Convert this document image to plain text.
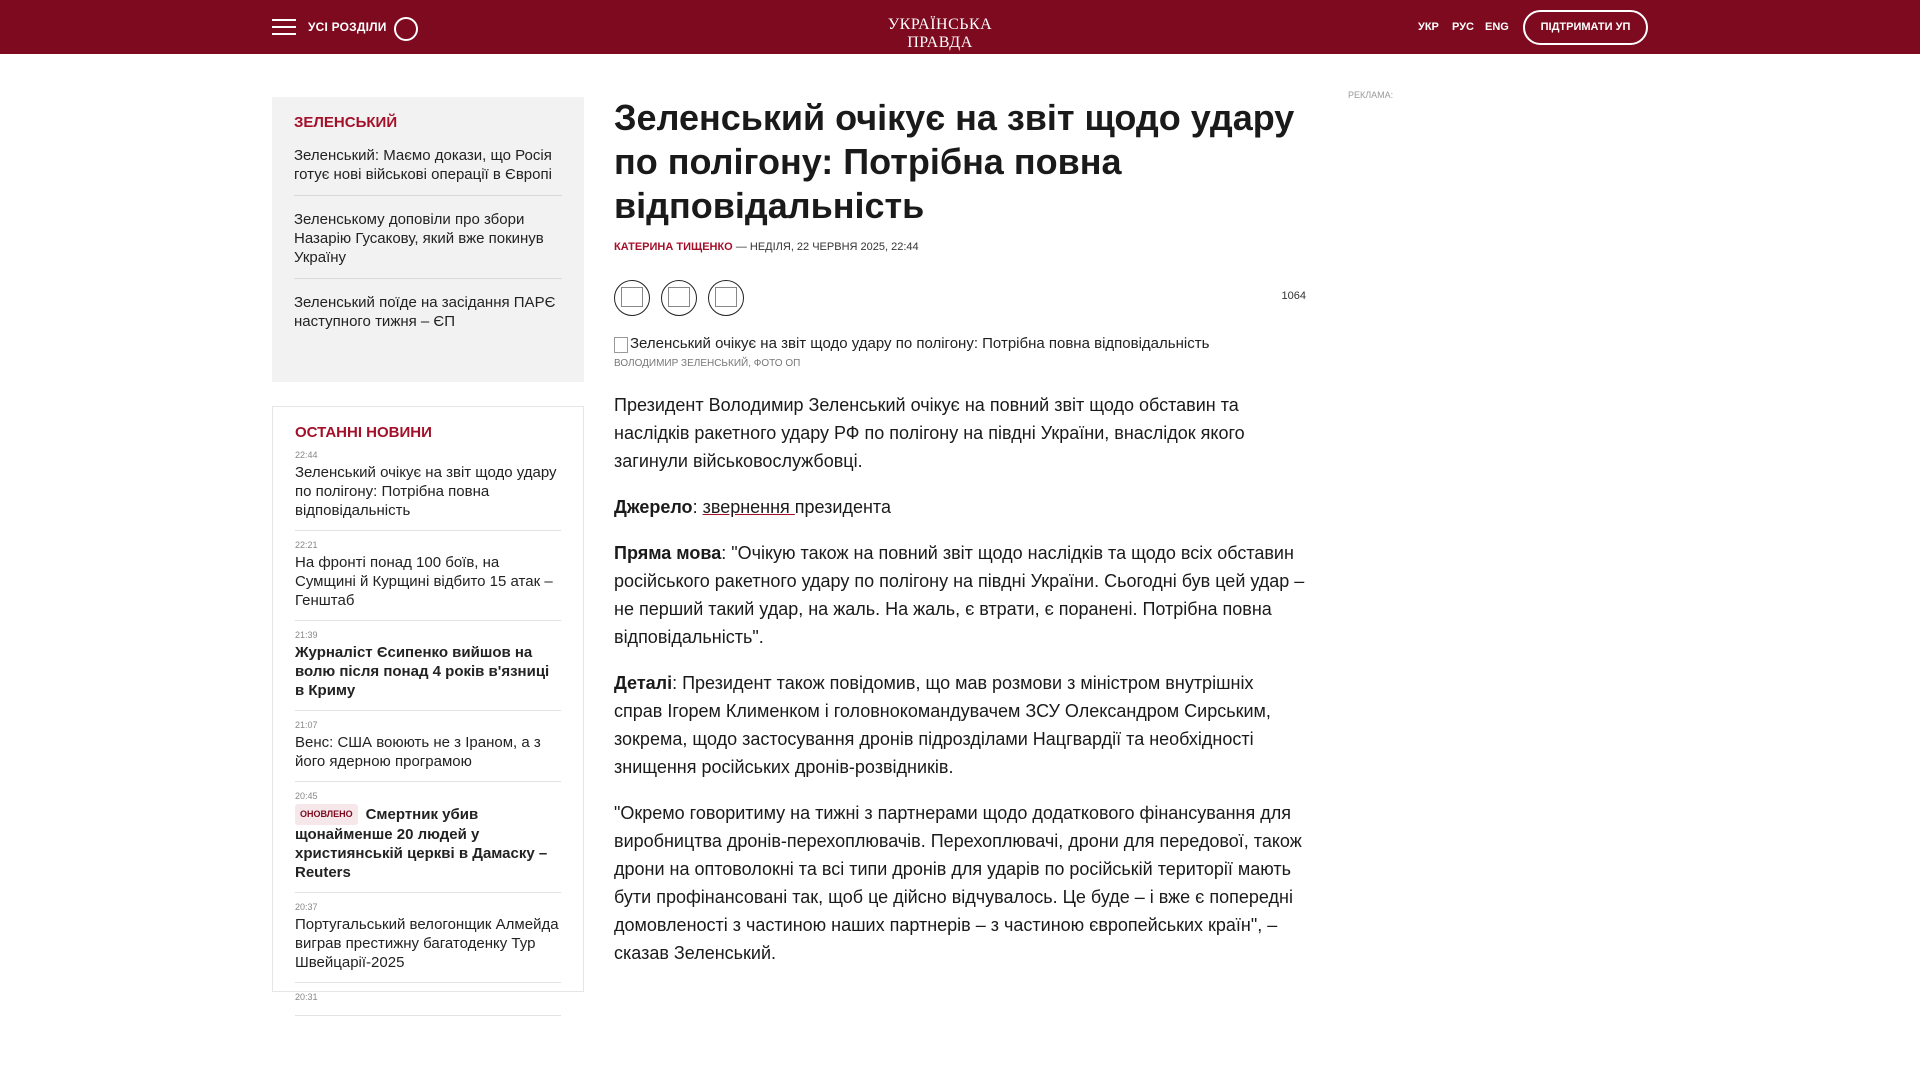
УСІ РОЗДІЛИ	УКРАЇНСЬКА ПРАВДА
УКР РУС ENG	ПІДТРИМАТИ УП
ЗЕЛЕНСЬКИЙ
Зеленський: Маємо докази, що Росія готує нові військові операції в Європі
Зеленському доповіли про збори Назарію Гусакову, який вже покинув Україну
Зеленський поїде на засідання ПАРЄ наступного тижня – ЄП
ОСТАННІ НОВИНИ
22:44
Зеленський очікує на звіт щодо удару по полігону: Потрібна повна відповідальність
22:21
На фронті понад 100 боїв, на Сумщині й Курщині відбито 15 атак – Генштаб
21:39
Журналіст Єсипенко вийшов на волю після понад 4 років в'язниці в Криму
21:07
Венс: США воюють не з Іраном, а з його ядерною програмою
20:45
ОНОВЛЕНО Смертник убив щонайменше 20 людей у християнській церкві в Дамаску – Reuters
20:37
Португальський велогонщик Алмейда виграв престижну багатоденку Тур Швейцарії-2025
20:31
Зеленський очікує на звіт щодо удару по полігону: Потрібна повна відповідальність
КАТЕРИНА ТИЩЕНКО — НЕДІЛЯ, 22 ЧЕРВНЯ 2025, 22:44
1064
Зеленський очікує на звіт щодо удару по полігону: Потрібна повна відповідальність
ВОЛОДИМИР ЗЕЛЕНСЬКИЙ, ФОТО ОП

Президент Володимир Зеленський очікує на повний звіт щодо обставин та наслідків ракетного удару РФ по полігону на півдні України, внаслідок якого загинули військовослужбовці.

Джерело: звернення президента

Пряма мова: "Очікую також на повний звіт щодо наслідків та щодо всіх обставин російського ракетного удару по полігону на півдні України. Сьогодні був цей удар – не перший такий удар, на жаль. На жаль, є втрати, є поранені. Потрібна повна відповідальність".

Деталі: Президент також повідомив, що мав розмови з міністром внутрішніх справ Ігорем Клименком і головнокомандувачем ЗСУ Олександром Сирським, зокрема, щодо застосування дронів підрозділами Нацгвардії та необхідності знищення російських дронів-розвідників.

"Окремо говоритиму на тижні з партнерами щодо додаткового фінансування для виробництва дронів-перехоплювачів. Перехоплювачі, дрони для передової, також дрони на оптоволокні та всі типи дронів для ударів по російській території мають бути профінансовані так, щоб це дійсно відчувалось. Це буде – і вже є попередні домовленості з частиною наших партнерів – з частиною європейських країн", – сказав Зеленський.

РЕКЛАМА:
